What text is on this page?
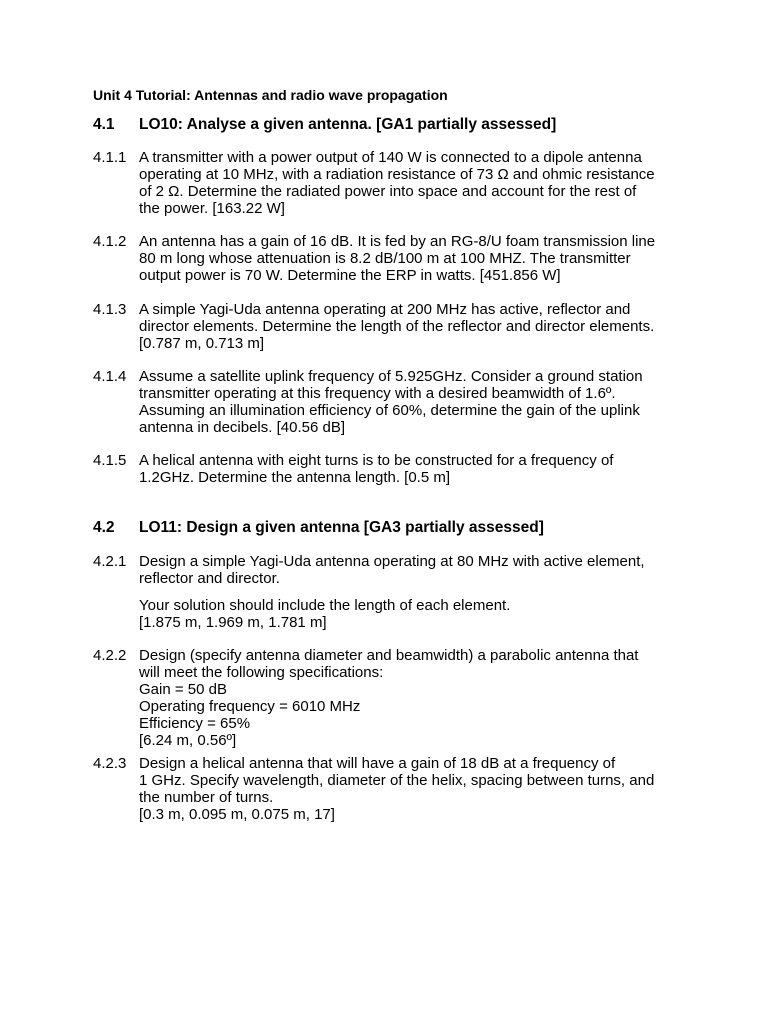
Unit 4 Tutorial: Antennas and radio wave propagation
4.1 LO10: Analyse a given antenna. [GA1 partially assessed]
4.1.1 A transmitter with a power output of 140 W is connected to a dipole antenna
operating at 10 MHz, with a radiation resistance of 73 Ω and ohmic resistance
of 2 Ω. Determine the radiated power into space and account for the rest of
the power. [163.22 W]
4.1.2 An antenna has a gain of 16 dB. It is fed by an RG-8/U foam transmission line
80 m long whose attenuation is 8.2 dB/100 m at 100 MHZ. The transmitter
output power is 70 W. Determine the ERP in watts. [451.856 W]
4.1.3 A simple Yagi-Uda antenna operating at 200 MHz has active, reflector and
director elements. Determine the length of the reflector and director elements.
[0.787 m, 0.713 m]
4.1.4 Assume a satellite uplink frequency of 5.925GHz. Consider a ground station
transmitter operating at this frequency with a desired beamwidth of 1.6º.
Assuming an illumination efficiency of 60%, determine the gain of the uplink
antenna in decibels. [40.56 dB]
4.1.5 A helical antenna with eight turns is to be constructed for a frequency of
1.2GHz. Determine the antenna length. [0.5 m]
4.2 LO11: Design a given antenna [GA3 partially assessed]
4.2.1 Design a simple Yagi-Uda antenna operating at 80 MHz with active element,
reflector and director.
Your solution should include the length of each element.
[1.875 m, 1.969 m, 1.781 m]
4.2.2 Design (specify antenna diameter and beamwidth) a parabolic antenna that
will meet the following specifications:
Gain = 50 dB
Operating frequency = 6010 MHz
Efficiency = 65%
[6.24 m, 0.56º]
4.2.3 Design a helical antenna that will have a gain of 18 dB at a frequency of
1 GHz. Specify wavelength, diameter of the helix, spacing between turns, and
the number of turns.
[0.3 m, 0.095 m, 0.075 m, 17]
